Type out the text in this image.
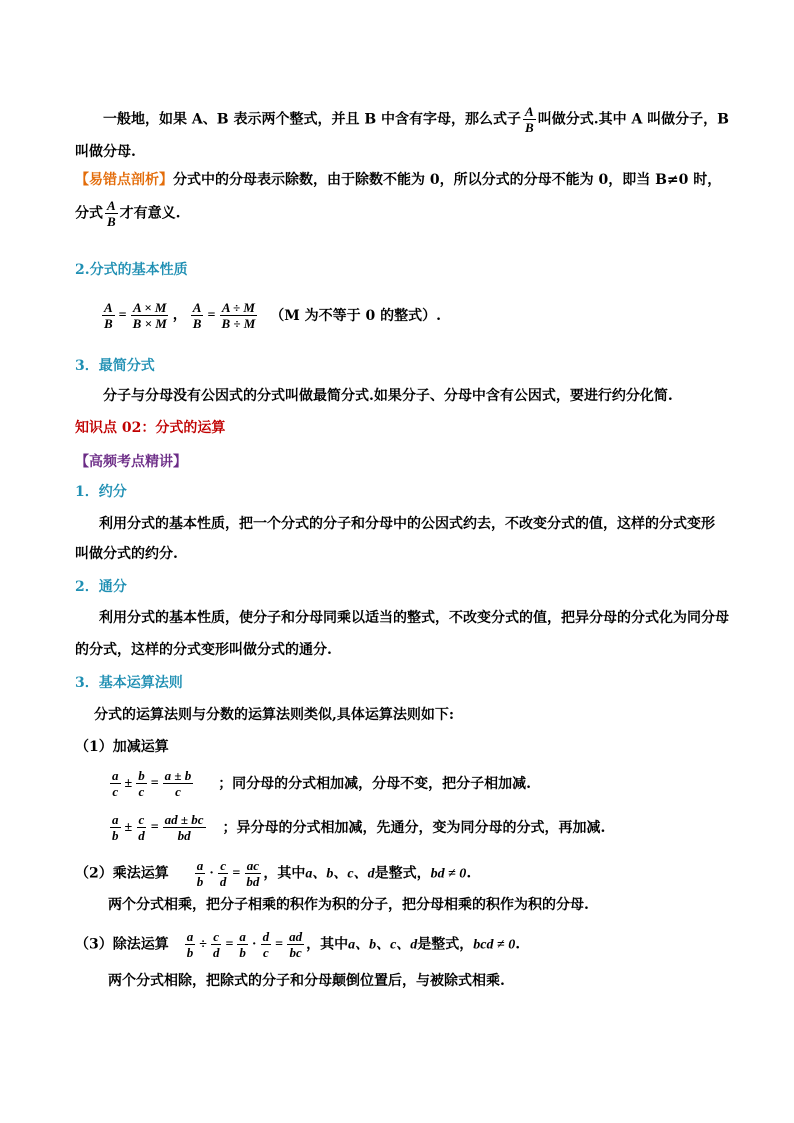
一般地，如果 A、B 表示两个整式，并且 B 中含有字母，那么式子 $\frac{A}{B}$ 叫做分式.其中 A 叫做分子，B
叫做分母.
【易错点剖析】分式中的分母表示除数，由于除数不能为 0，所以分式的分母不能为 0，即当 B≠0 时，
分式 $\frac{A}{B}$ 才有意义.
2.分式的基本性质
$\frac{A}{B} = \frac{A \times M}{B \times M}$ ， $\frac{A}{B} = \frac{A \div M}{B \div M} (M$ 为不等于 0 的整式）.
3．最简分式
分子与分母没有公因式的分式叫做最简分式.如果分子、分母中含有公因式，要进行约分化简.
知识点 02：分式的运算
【高频考点精讲】
1．约分
利用分式的基本性质，把一个分式的分子和分母中的公因式约去，不改变分式的值，这样的分式变形
叫做分式的约分.
2．通分
利用分式的基本性质，使分子和分母同乘以适当的整式，不改变分式的值，把异分母的分式化为同分母
的分式，这样的分式变形叫做分式的通分.
3．基本运算法则
分式的运算法则与分数的运算法则类似,具体运算法则如下:
（1）加减运算
$\frac{a}{c} \pm \frac{b}{c} = \frac{a \pm b}{c}$ ；同分母的分式相加减，分母不变，把分子相加减.
$\frac{a}{b} \pm \frac{c}{d} = \frac{ad \pm bc}{bd}$ ；异分母的分式相加减，先通分，变为同分母的分式，再加减.
（2）乘法运算 $\frac{a}{b} \cdot \frac{c}{d} = \frac{ac}{bd}$ ，其中a、b、c、d是整式，bd ≠ 0.
两个分式相乘，把分子相乘的积作为积的分子，把分母相乘的积作为积的分母.
（3）除法运算 $\frac{a}{b} \div \frac{c}{d} = \frac{a}{b} \cdot \frac{d}{c} = \frac{ad}{bc}$ ，其中a、b、c、d是整式，bcd ≠ 0.
两个分式相除，把除式的分子和分母颠倒位置后，与被除式相乘.
